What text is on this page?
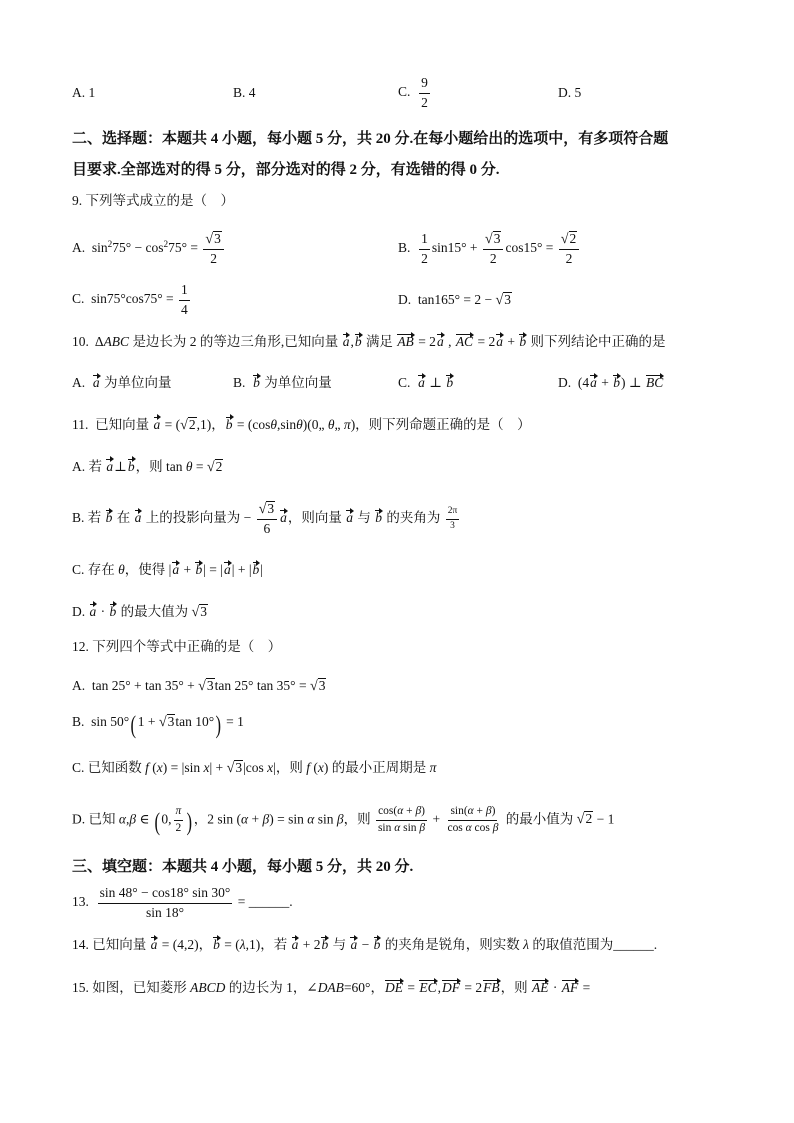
A. 1	B. 4	C. $\frac{9}{2}$	D. 5
二、选择题：本题共 4 小题，每小题 5 分，共 20 分.在每小题给出的选项中，有多项符合题
目要求.全部选对的得 5 分，部分选对的得 2 分，有选错的得 0 分.
9. 下列等式成立的是（    ）
A.  $\sin^275^\circ - \cos^275^\circ = \frac{√3}{2}$	B. $\frac{1}{2} \sin 15^\circ + \frac{√3}{2} \cos 15^\circ = \frac{√2}{2}$
C.  $\sin 75^\circ\cos 75^\circ = \frac{1}{4}$	D.  tan165° = 2 − √3
10.  ΔABC 是边长为 2 的等边三角形,已知向量 a,b 满足 AB = 2a , AC = 2a + b 则下列结论中正确的是
A.  a 为单位向量	B.  b 为单位向量	C.  a ⊥ b	D.  (4a + b) ⊥ BC
11.  已知向量 a = (√2,1)，b = (cosθ,sinθ)(0„ θ„ π)，则下列命题正确的是（    ）
A. 若 a⊥b，则 tan θ = √2
B. 若 b 在 a 上的投影向量为 − $\frac{√3}{6}$ a，则向量 a 与 b 的夹角为 $\frac{2\pi}{3}$
C. 存在 θ，使得 |a + b| = |a| + |b|
D. a · b 的最大值为 √3
12. 下列四个等式中正确的是（    ）
A.  tan 25° + tan 35° + √3tan 25° tan 35° = √3
B.  sin 50°(1 + √3tan 10°) = 1
C. 已知函数 f (x) = |sin x| + √3|cos x|，则 f (x) 的最小正周期是 π
D. 已知 α,β ∈ (0, $\frac{\pi}{2}$ )，2 sin (α + β) = sin α sin β，则 $\frac{\cos(\alpha + \beta)}{\text{sin α sin β}} + \frac{\sin(\alpha + \beta)}{\text{cos α cos β}}$ 的最小值为 √2 − 1
三、填空题：本题共 4 小题，每小题 5 分，共 20 分.
13. $\frac{\sin 48^\circ - \cos 18^\circ \sin 30^\circ}{\sin 18^\circ}$ = ______.
14. 已知向量 a = (4,2)，b = (λ,1)，若 a + 2b 与 a − b 的夹角是锐角，则实数 λ 的取值范围为______.
15. 如图，已知菱形 ABCD 的边长为 1，∠DAB=60°，DE = EC,DF = 2FB，则 AE · AF =
